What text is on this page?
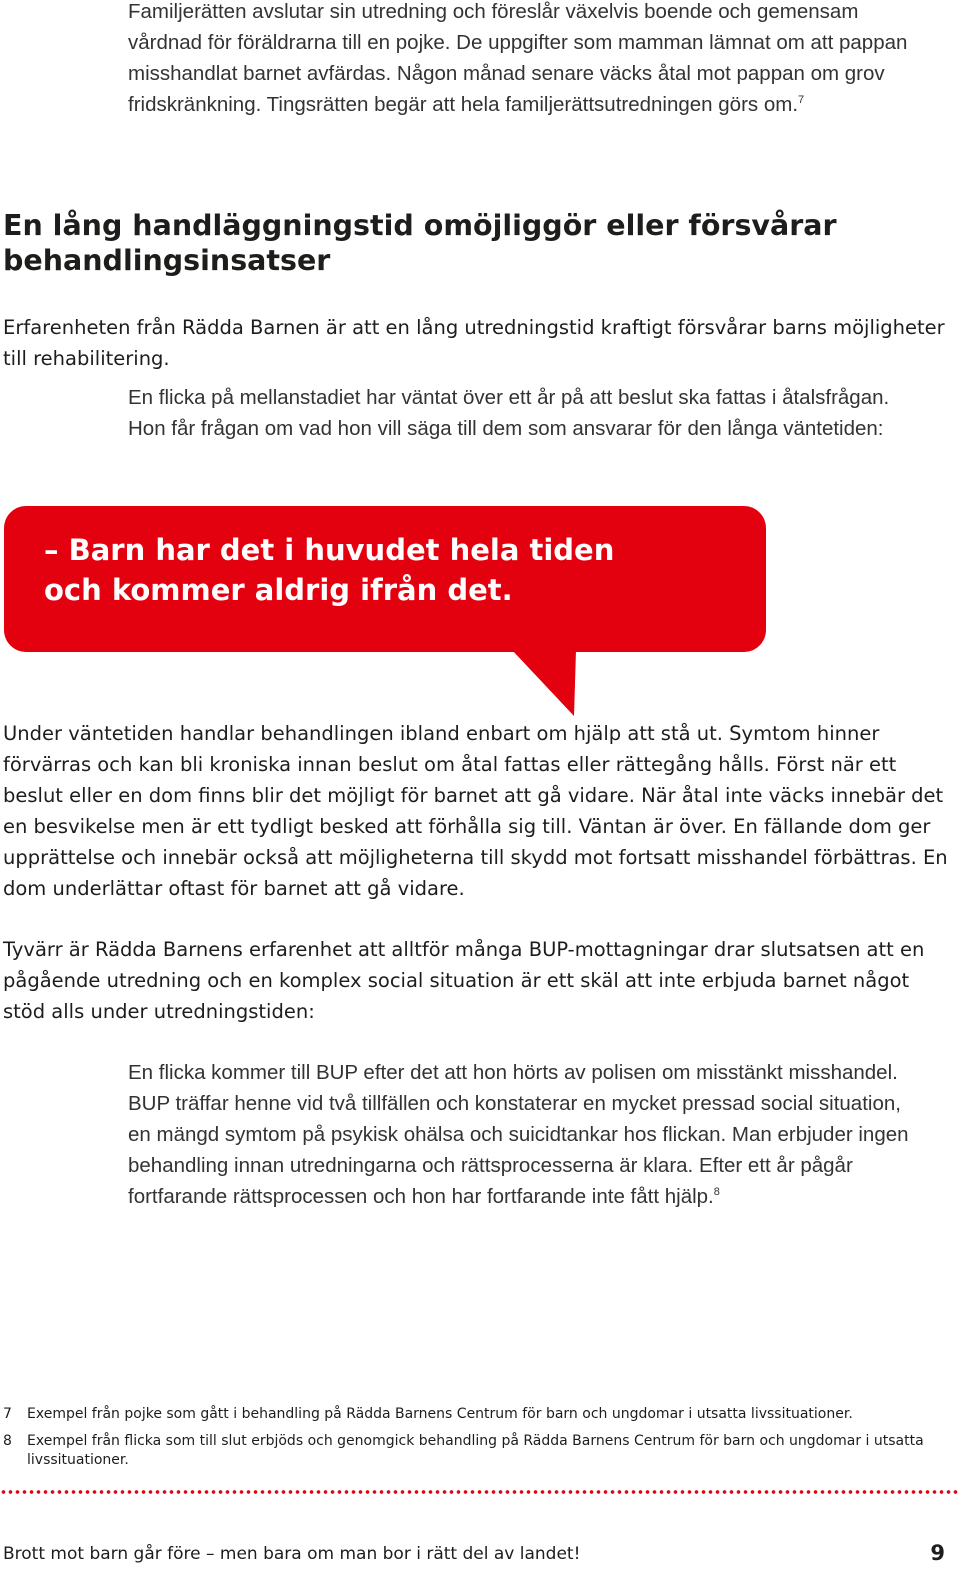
Familjerätten avslutar sin utredning och föreslår växelvis boende och gemensam vårdnad för föräldrarna till en pojke. De uppgifter som mamman lämnat om att pappan misshandlat barnet avfärdas. Någon månad senare väcks åtal mot pappan om grov fridskränkning. Tingsrätten begär att hela familjerättsutredningen görs om.$^7$

En lång handläggningstid omöjliggör eller försvårar behandlingsinsatser

Erfarenheten från Rädda Barnen är att en lång utredningstid kraftigt försvårar barns möjligheter till rehabilitering.

En flicka på mellanstadiet har väntat över ett år på att beslut ska fattas i åtalsfrågan. Hon får frågan om vad hon vill säga till dem som ansvarar för den långa väntetiden:

– Barn har det i huvudet hela tiden
och kommer aldrig ifrån det.

Under väntetiden handlar behandlingen ibland enbart om hjälp att stå ut. Symtom hinner förvärras och kan bli kroniska innan beslut om åtal fattas eller rättegång hålls. Först när ett beslut eller en dom finns blir det möjligt för barnet att gå vidare. När åtal inte väcks innebär det en besvikelse men är ett tydligt besked att förhålla sig till. Väntan är över. En fällande dom ger upprättelse och innebär också att möjligheterna till skydd mot fortsatt misshandel förbättras. En dom underlättar oftast för barnet att gå vidare.

Tyvärr är Rädda Barnens erfarenhet att alltför många BUP-mottagningar drar slutsatsen att en pågående utredning och en komplex social situation är ett skäl att inte erbjuda barnet något stöd alls under utredningstiden:

En flicka kommer till BUP efter det att hon hörts av polisen om misstänkt misshandel. BUP träffar henne vid två tillfällen och konstaterar en mycket pressad social situation, en mängd symtom på psykisk ohälsa och suicidtankar hos flickan. Man erbjuder ingen behandling innan utredningarna och rättsprocesserna är klara. Efter ett år pågår fortfarande rättsprocessen och hon har fortfarande inte fått hjälp.$^8$

7	Exempel från pojke som gått i behandling på Rädda Barnens Centrum för barn och ungdomar i utsatta livssituationer.
8	Exempel från flicka som till slut erbjöds och genomgick behandling på Rädda Barnens Centrum för barn och ungdomar i utsatta livssituationer.

Brott mot barn går före – men bara om man bor i rätt del av landet!	9
